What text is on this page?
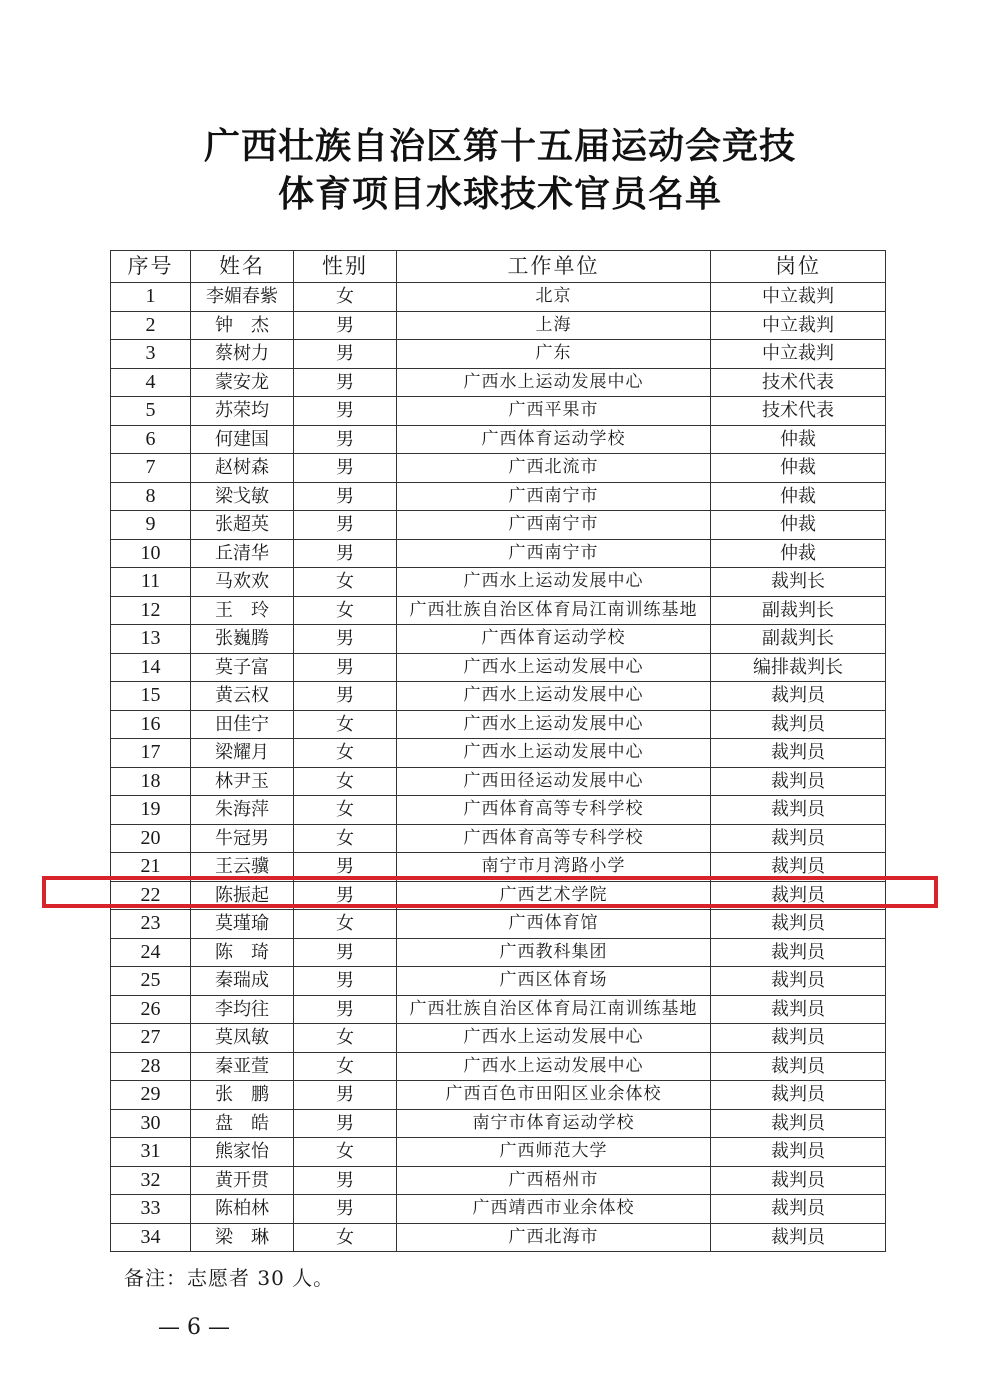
广西壮族自治区第十五届运动会竞技
体育项目水球技术官员名单
序号	姓名	性别	工作单位	岗位
1	李媚春紫	女	北京	中立裁判
2	钟　杰	男	上海	中立裁判
3	蔡树力	男	广东	中立裁判
4	蒙安龙	男	广西水上运动发展中心	技术代表
5	苏荣均	男	广西平果市	技术代表
6	何建国	男	广西体育运动学校	仲裁
7	赵树森	男	广西北流市	仲裁
8	梁戈敏	男	广西南宁市	仲裁
9	张超英	男	广西南宁市	仲裁
10	丘清华	男	广西南宁市	仲裁
11	马欢欢	女	广西水上运动发展中心	裁判长
12	王　玲	女	广西壮族自治区体育局江南训练基地	副裁判长
13	张巍腾	男	广西体育运动学校	副裁判长
14	莫子富	男	广西水上运动发展中心	编排裁判长
15	黄云权	男	广西水上运动发展中心	裁判员
16	田佳宁	女	广西水上运动发展中心	裁判员
17	梁耀月	女	广西水上运动发展中心	裁判员
18	林尹玉	女	广西田径运动发展中心	裁判员
19	朱海萍	女	广西体育高等专科学校	裁判员
20	牛冠男	女	广西体育高等专科学校	裁判员
21	王云骥	男	南宁市月湾路小学	裁判员
22	陈振起	男	广西艺术学院	裁判员
23	莫瑾瑜	女	广西体育馆	裁判员
24	陈　琦	男	广西教科集团	裁判员
25	秦瑞成	男	广西区体育场	裁判员
26	李均往	男	广西壮族自治区体育局江南训练基地	裁判员
27	莫凤敏	女	广西水上运动发展中心	裁判员
28	秦亚萱	女	广西水上运动发展中心	裁判员
29	张　鹏	男	广西百色市田阳区业余体校	裁判员
30	盘　皓	男	南宁市体育运动学校	裁判员
31	熊家怡	女	广西师范大学	裁判员
32	黄开贯	男	广西梧州市	裁判员
33	陈柏林	男	广西靖西市业余体校	裁判员
34	梁　琳	女	广西北海市	裁判员
备注：志愿者 30 人。
— 6 —
